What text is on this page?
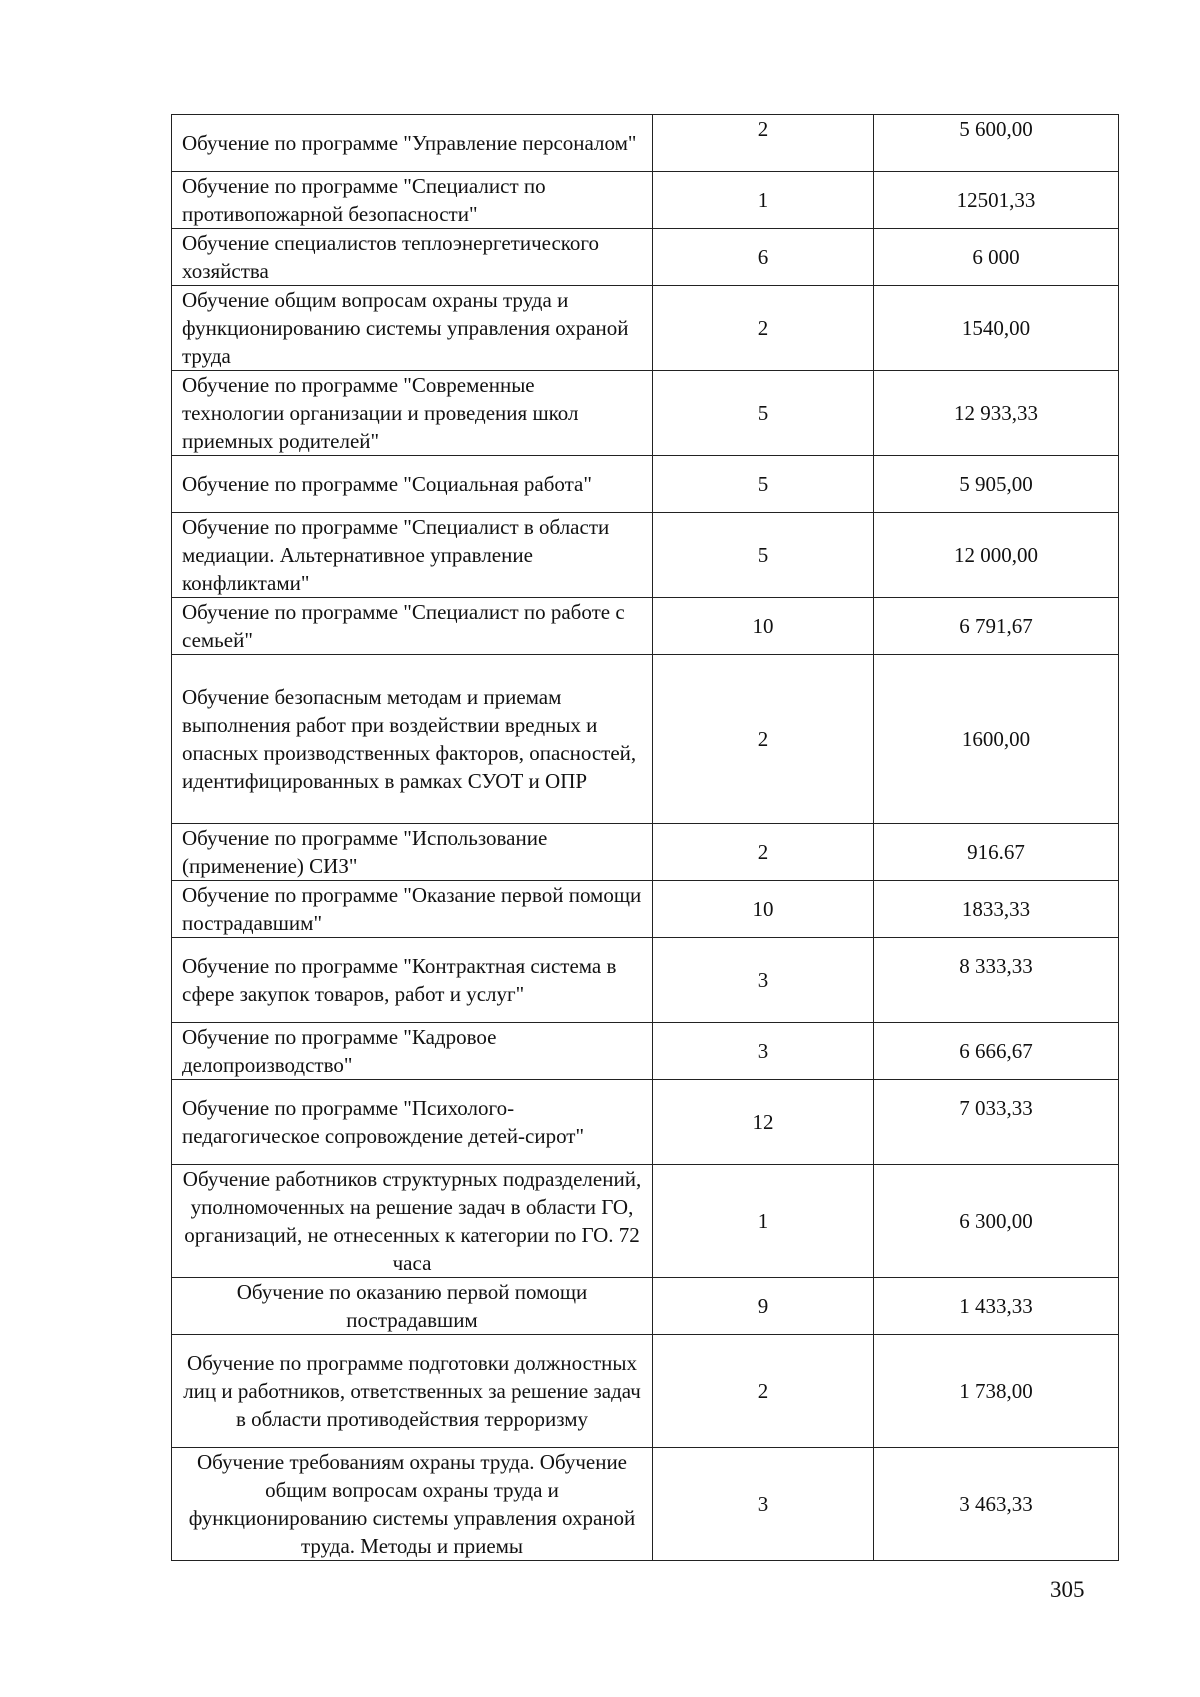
Обучение по программе "Управление персоналом"	2	5 600,00
Обучение по программе "Специалист по противопожарной безопасности"	1	12501,33
Обучение специалистов теплоэнергетического хозяйства	6	6 000
Обучение общим вопросам охраны труда и функционированию системы управления охраной труда	2	1540,00
Обучение по программе "Современные технологии организации и проведения школ приемных родителей"	5	12 933,33
Обучение по программе "Социальная работа"	5	5 905,00
Обучение по программе "Специалист в области медиации. Альтернативное управление конфликтами"	5	12 000,00
Обучение по программе "Специалист по работе с семьей"	10	6 791,67
Обучение безопасным методам и приемам выполнения работ при воздействии вредных и опасных производственных факторов, опасностей, идентифицированных в рамках СУОТ и ОПР	2	1600,00
Обучение по программе "Использование (применение) СИЗ"	2	916.67
Обучение по программе "Оказание первой помощи пострадавшим"	10	1833,33
Обучение по программе "Контрактная система в сфере закупок товаров, работ и услуг"	3	8 333,33
Обучение по программе "Кадровое делопроизводство"	3	6 666,67
Обучение по программе "Психолого-педагогическое сопровождение детей-сирот"	12	7 033,33
Обучение работников структурных подразделений, уполномоченных на решение задач в области ГО, организаций, не отнесенных к категории по ГО. 72 часа	1	6 300,00
Обучение по оказанию первой помощи пострадавшим	9	1 433,33
Обучение по программе подготовки должностных лиц и работников, ответственных за решение задач в области противодействия терроризму	2	1 738,00
Обучение требованиям охраны труда. Обучение общим вопросам охраны труда и функционированию системы управления охраной труда. Методы и приемы	3	3 463,33
305
